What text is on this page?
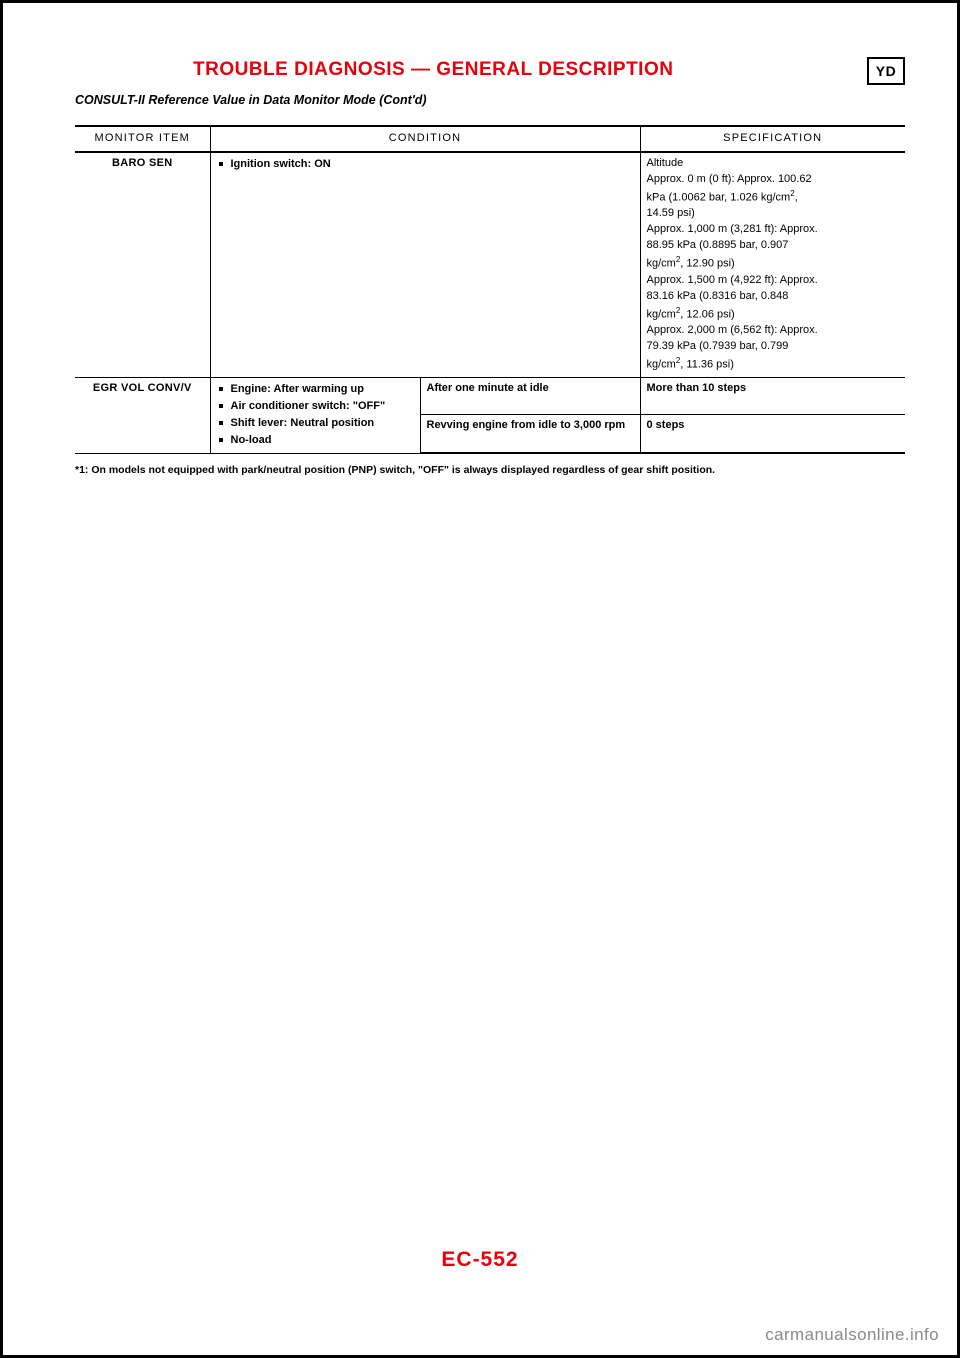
TROUBLE DIAGNOSIS — GENERAL DESCRIPTION	YD
CONSULT-II Reference Value in Data Monitor Mode (Cont'd)
MONITOR ITEM	CONDITION		SPECIFICATION
BARO SEN	Ignition switch: ON	Altitude
Approx. 0 m (0 ft): Approx. 100.62
kPa (1.0062 bar, 1.026 $kg/cm^2$,
14.59 psi)
Approx. 1,000 m (3,281 ft): Approx.
88.95 kPa (0.8895 bar, 0.907
$kg/cm^2$, 12.90 psi)
Approx. 1,500 m (4,922 ft): Approx.
83.16 kPa (0.8316 bar, 0.848
$kg/cm^2$, 12.06 psi)
Approx. 2,000 m (6,562 ft): Approx.
79.39 kPa (0.7939 bar, 0.799
$kg/cm^2$, 11.36 psi)

EGR VOL CONV/V	Engine: After warming up
Air conditioner switch: "OFF"
Shift lever: Neutral position
No-load
	After one minute at idle	More than 10 steps
		Revving engine from idle to 3,000 rpm	0 steps
*1: On models not equipped with park/neutral position (PNP) switch, "OFF" is always displayed regardless of gear shift position.
EC-552
carmanualsonline.info
